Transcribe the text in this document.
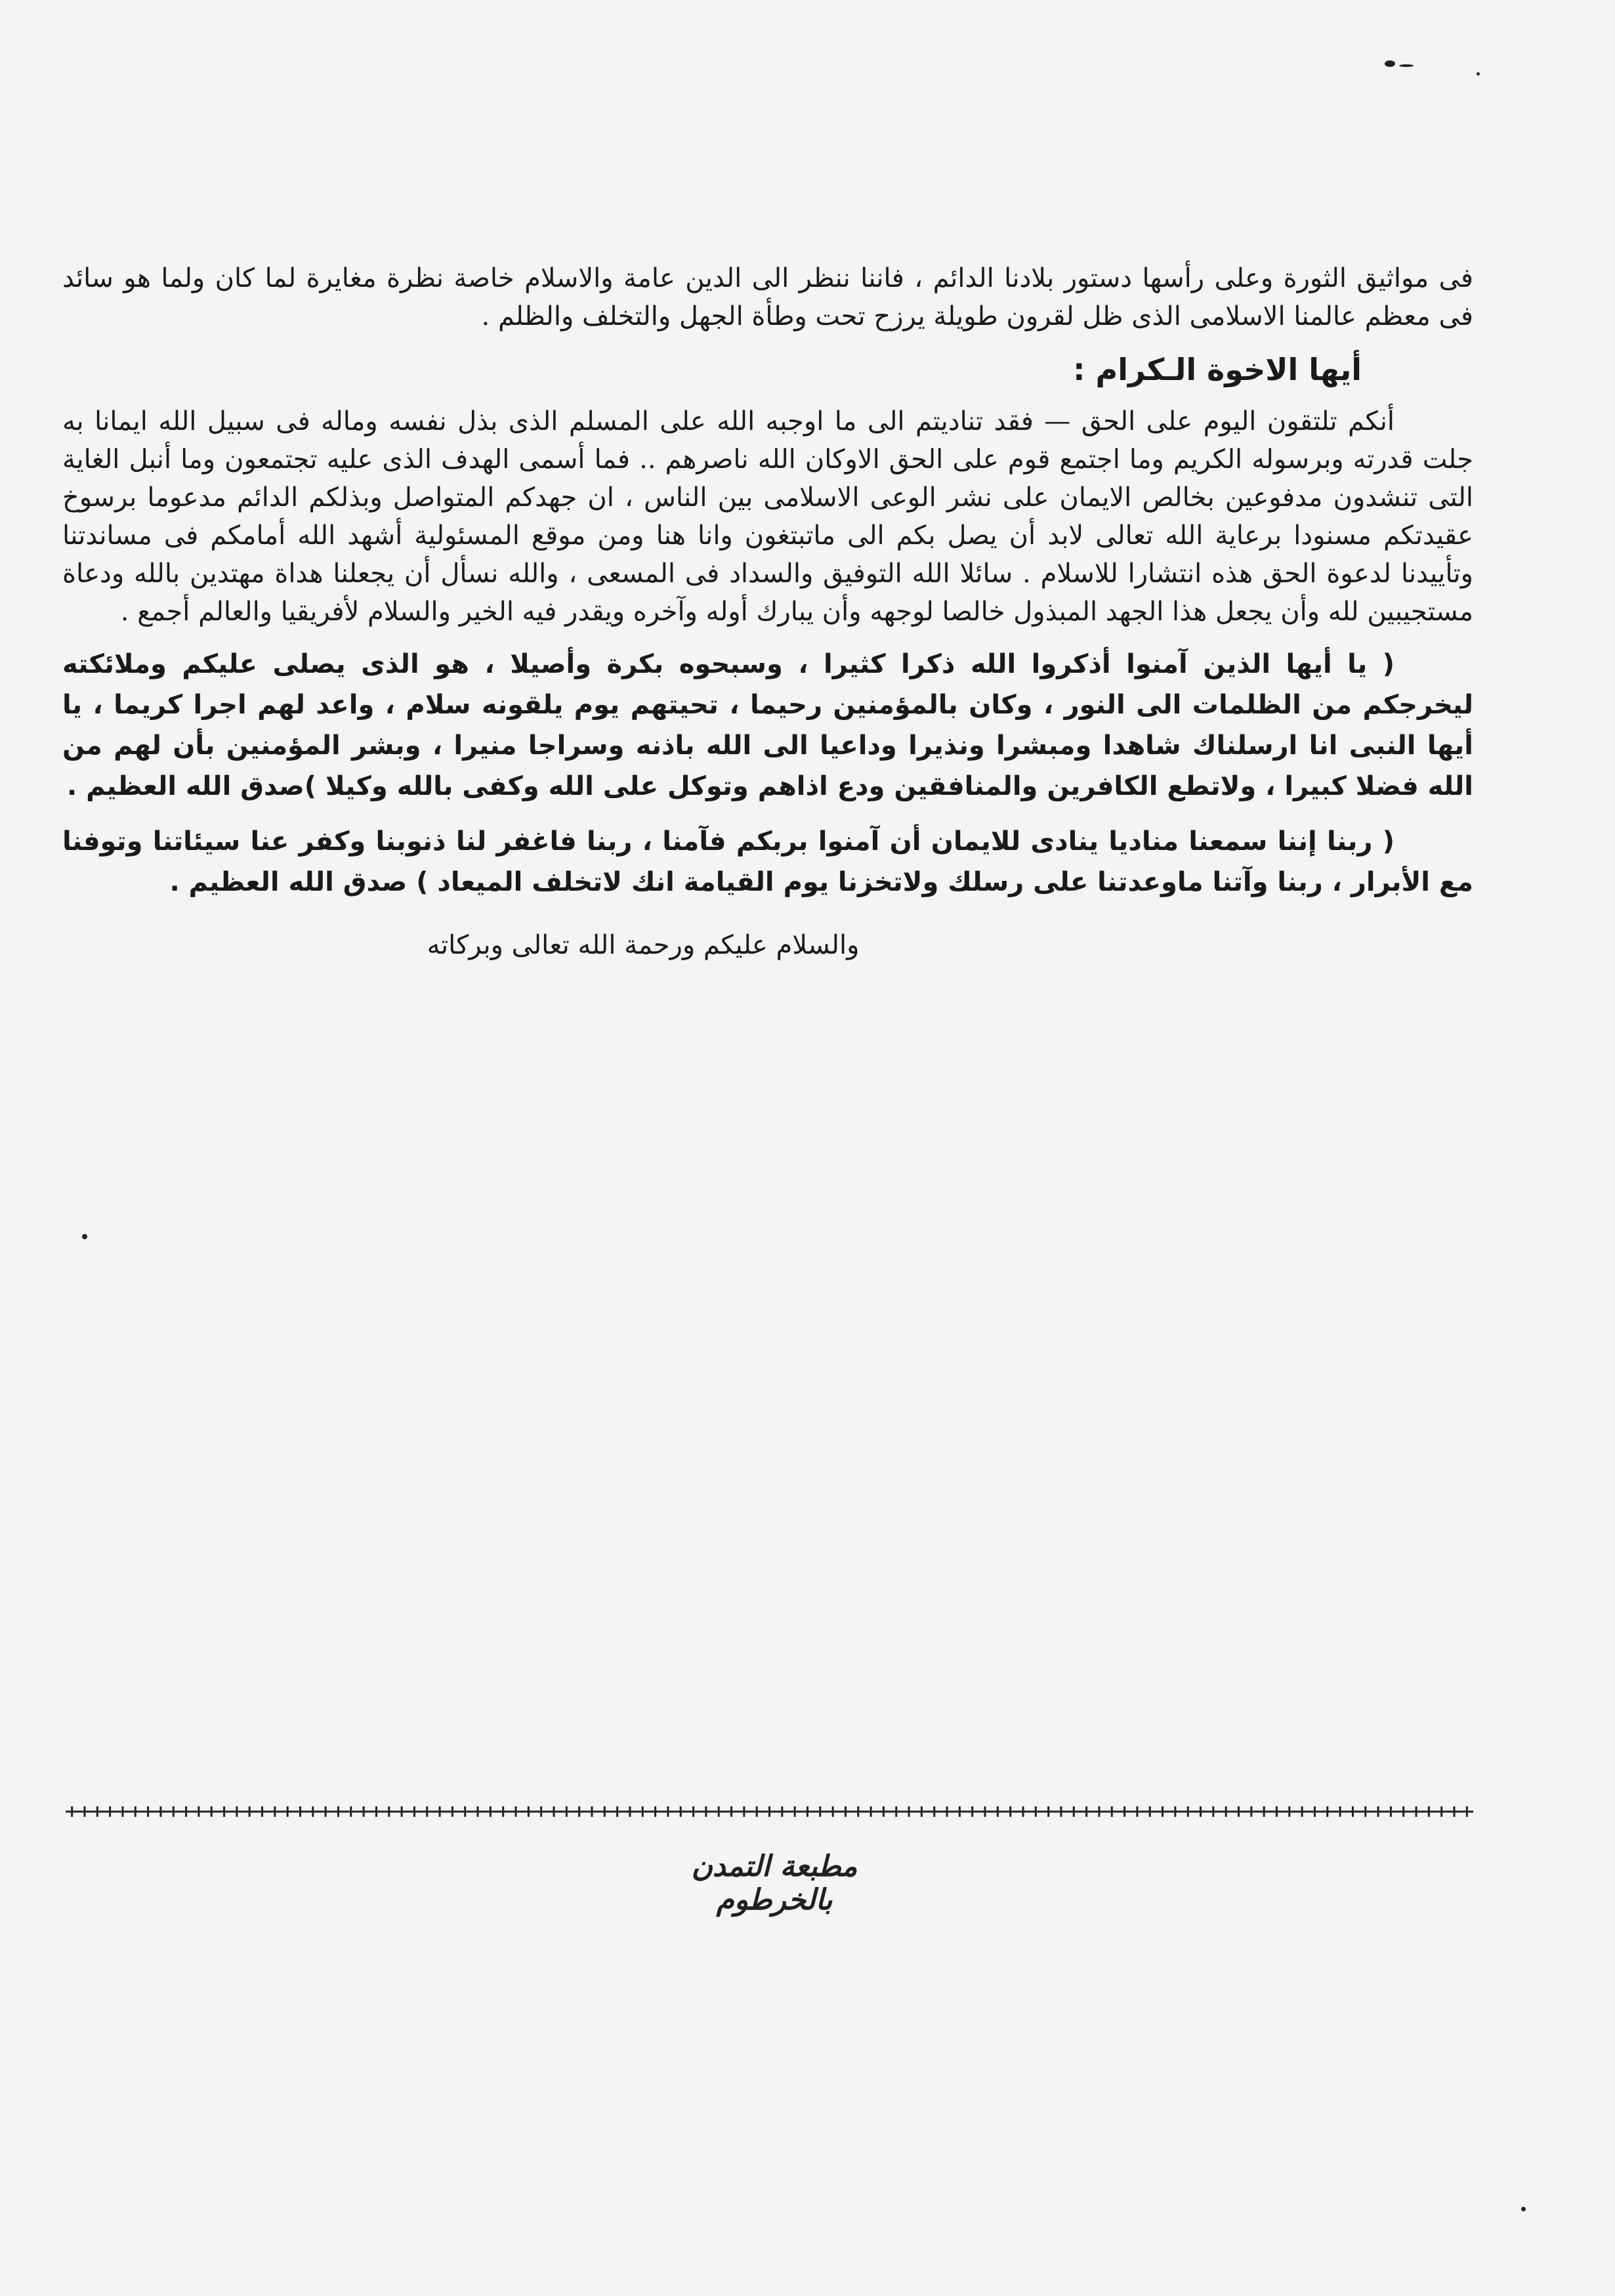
فى مواثيق الثورة وعلى رأسها دستور بلادنا الدائم ، فاننا ننظر الى الدين عامة والاسلام خاصة نظرة مغايرة لما كان ولما هو سائد فى معظم عالمنا الاسلامى الذى ظل لقرون طويلة يرزح تحت وطأة الجهل والتخلف والظلم .

أيها الاخوة الـكرام :

أنكم تلتقون اليوم على الحق — فقد تناديتم الى ما اوجبه الله على المسلم الذى بذل نفسه وماله فى سبيل الله ايمانا به جلت قدرته وبرسوله الكريم وما اجتمع قوم على الحق الاوكان الله ناصرهم .. فما أسمى الهدف الذى عليه تجتمعون وما أنبل الغاية التى تنشدون مدفوعين بخالص الايمان على نشر الوعى الاسلامى بين الناس ، ان جهدكم المتواصل وبذلكم الدائم مدعوما برسوخ عقيدتكم مسنودا برعاية الله تعالى لابد أن يصل بكم الى ماتبتغون وانا هنا ومن موقع المسئولية أشهد الله أمامكم فى مساندتنا وتأييدنا لدعوة الحق هذه انتشارا للاسلام . سائلا الله التوفيق والسداد فى المسعى ، والله نسأل أن يجعلنا هداة مهتدين بالله ودعاة مستجيبين لله وأن يجعل هذا الجهد المبذول خالصا لوجهه وأن يبارك أوله وآخره ويقدر فيه الخير والسلام لأفريقيا والعالم أجمع .

( يا أيها الذين آمنوا أذكروا الله ذكرا كثيرا ، وسبحوه بكرة وأصيلا ، هو الذى يصلى عليكم وملائكته ليخرجكم من الظلمات الى النور ، وكان بالمؤمنين رحيما ، تحيتهم يوم يلقونه سلام ، واعد لهم اجرا كريما ، يا أيها النبى انا ارسلناك شاهدا ومبشرا ونذيرا وداعيا الى الله باذنه وسراجا منيرا ، وبشر المؤمنين بأن لهم من الله فضلا كبيرا ، ولاتطع الكافرين والمنافقين ودع اذاهم وتوكل على الله وكفى بالله وكيلا )صدق الله العظيم .

( ربنا إننا سمعنا مناديا ينادى للايمان أن آمنوا بربكم فآمنا ، ربنا فاغفر لنا ذنوبنا وكفر عنا سيئاتنا وتوفنا مع الأبرار ، ربنا وآتنا ماوعدتنا على رسلك ولاتخزنا يوم القيامة انك لاتخلف الميعاد ) صدق الله العظيم .

والسلام عليكم ورحمة الله تعالى وبركاته

مطبعة التمدن بالخرطوم
